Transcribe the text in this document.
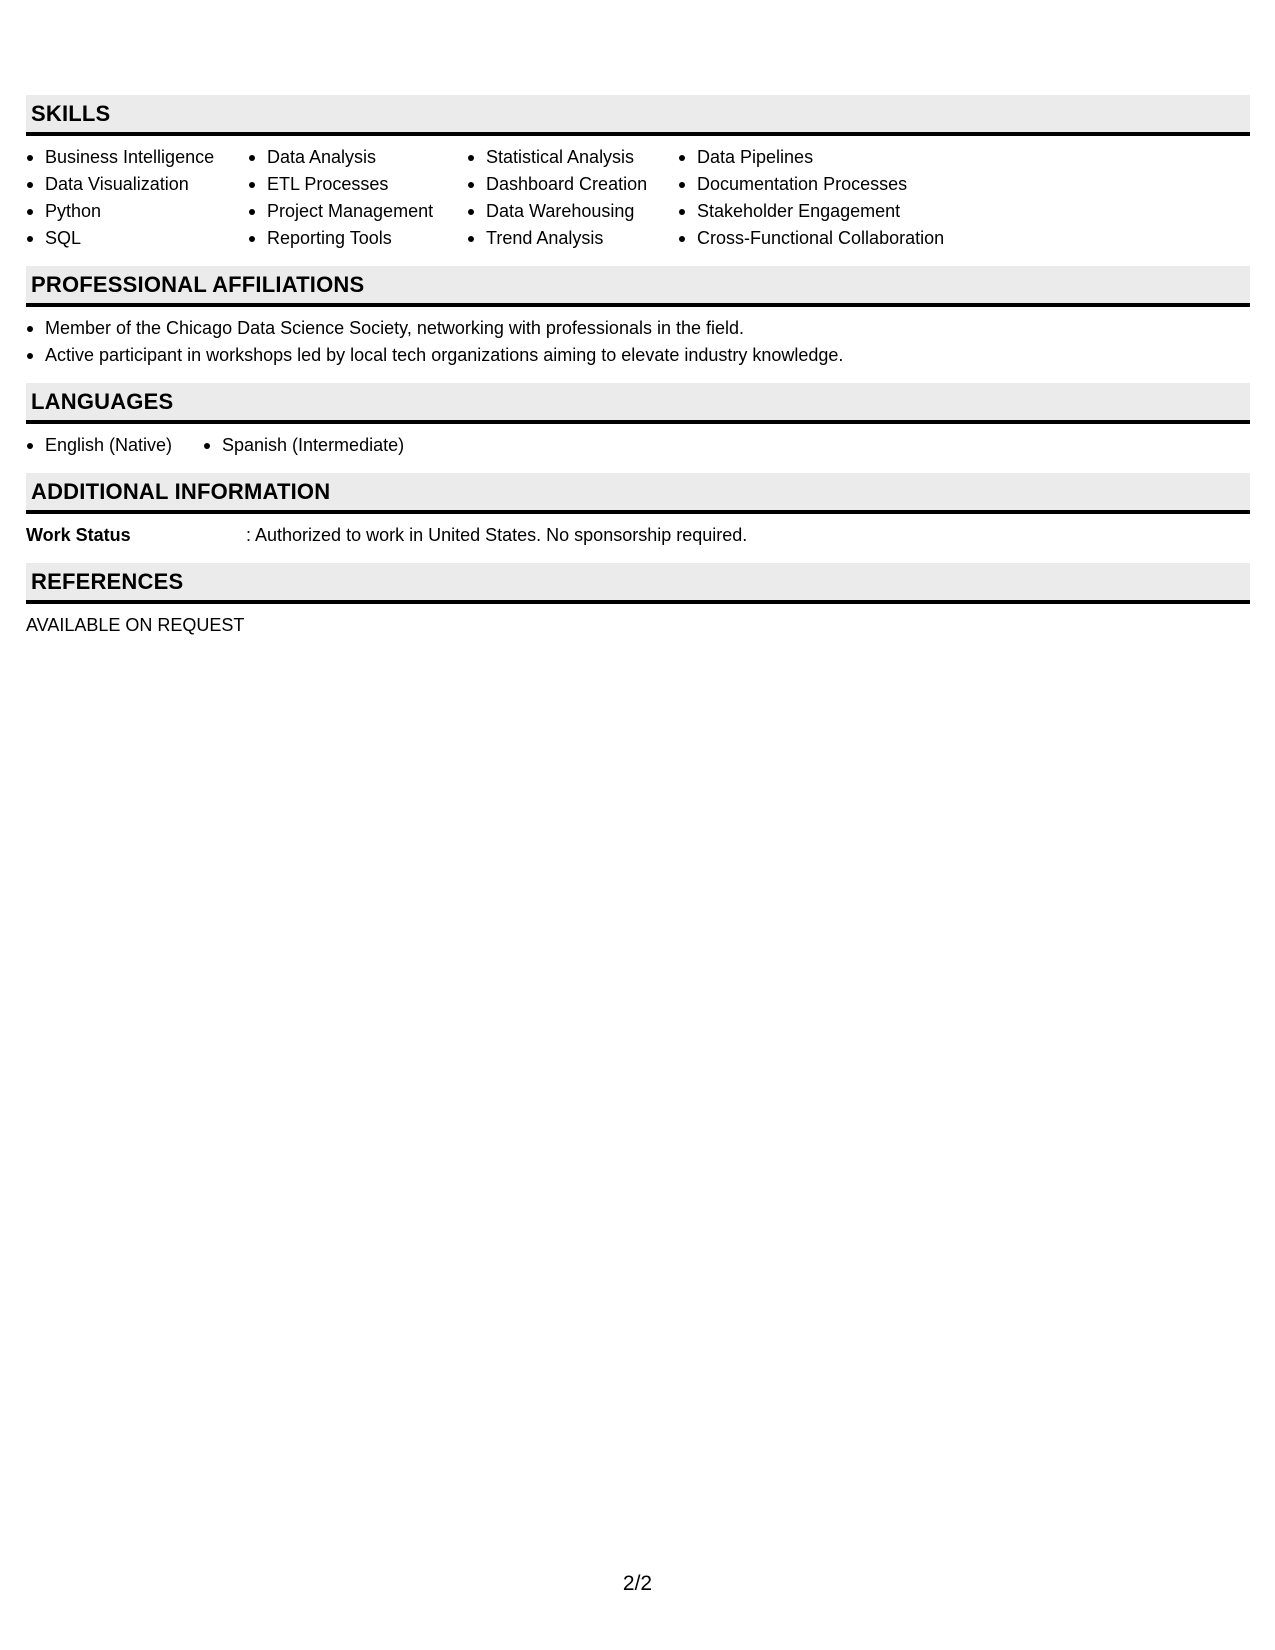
SKILLS
Business Intelligence
Data Visualization
Python
SQL
Data Analysis
ETL Processes
Project Management
Reporting Tools
Statistical Analysis
Dashboard Creation
Data Warehousing
Trend Analysis
Data Pipelines
Documentation Processes
Stakeholder Engagement
Cross-Functional Collaboration
PROFESSIONAL AFFILIATIONS
Member of the Chicago Data Science Society, networking with professionals in the field.
Active participant in workshops led by local tech organizations aiming to elevate industry knowledge.
LANGUAGES
English (Native)	Spanish (Intermediate)
ADDITIONAL INFORMATION
Work Status	: Authorized to work in United States. No sponsorship required.
REFERENCES
AVAILABLE ON REQUEST
2/2
